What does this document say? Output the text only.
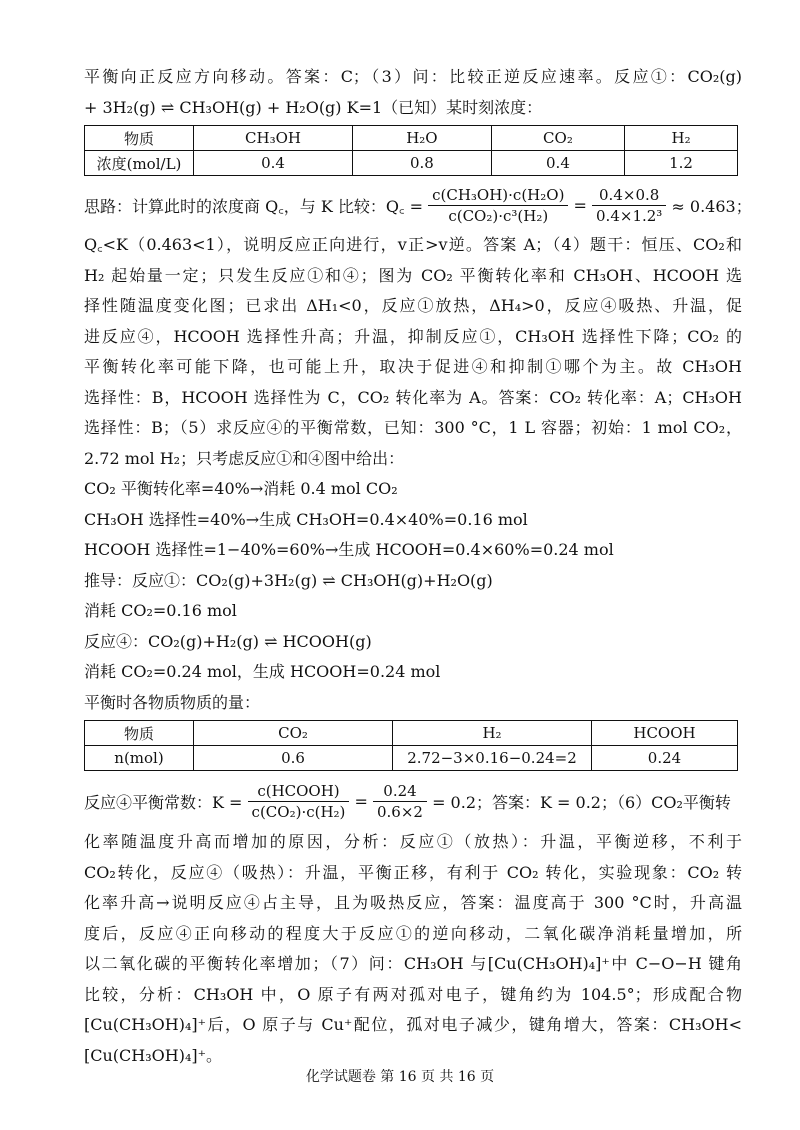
平衡向正反应方向移动。答案：C；（3）问：比较正逆反应速率。反应①：CO₂(g)
+ 3H₂(g) ⇌ CH₃OH(g) + H₂O(g) K=1（已知）某时刻浓度：
物质	CH₃OH	H₂O	CO₂	H₂
浓度(mol/L)	0.4	0.8	0.4	1.2
思路：计算此时的浓度商 Q꜀，与 K 比较：Q꜀ =
$\frac{\text{c(CH₃OH)·c(H₂O)}}{\text{c(CO₂)·c³(H₂)}} = \frac{0.4\times 0.8}{\text{0.4×1.2³}}$
≈ 0.463；
Q꜀<K（0.463<1），说明反应正向进行，v正>v逆。答案 A；（4）题干：恒压、CO₂和
H₂ 起始量一定；只发生反应①和④；图为 CO₂ 平衡转化率和 CH₃OH、HCOOH 选
择性随温度变化图；已求出 ΔH₁<0，反应①放热，ΔH₄>0，反应④吸热、升温，促
进反应④，HCOOH 选择性升高；升温，抑制反应①，CH₃OH 选择性下降；CO₂ 的
平衡转化率可能下降，也可能上升，取决于促进④和抑制①哪个为主。故 CH₃OH
选择性：B，HCOOH 选择性为 C，CO₂ 转化率为 A。答案：CO₂ 转化率：A；CH₃OH
选择性：B；（5）求反应④的平衡常数，已知：300 °C，1 L 容器；初始：1 mol CO₂，
2.72 mol H₂；只考虑反应①和④图中给出：
CO₂ 平衡转化率=40%→消耗 0.4 mol CO₂
CH₃OH 选择性=40%→生成 CH₃OH=0.4×40%=0.16 mol
HCOOH 选择性=1−40%=60%→生成 HCOOH=0.4×60%=0.24 mol
推导：反应①：CO₂(g)+3H₂(g) ⇌ CH₃OH(g)+H₂O(g)
消耗 CO₂=0.16 mol
反应④：CO₂(g)+H₂(g) ⇌ HCOOH(g)
消耗 CO₂=0.24 mol，生成 HCOOH=0.24 mol
平衡时各物质物质的量：
物质	CO₂	H₂	HCOOH
n(mol)	0.6	2.72−3×0.16−0.24=2	0.24
反应④平衡常数：K =
$\frac{\text{c(HCOOH)}}{\text{c(CO₂)·c(H₂)}} = \frac{0.24}{0.6\times 2}$
= 0.2；答案：K = 0.2；（6）CO₂平衡转
化率随温度升高而增加的原因，分析：反应①（放热）：升温，平衡逆移，不利于
CO₂转化，反应④（吸热）：升温，平衡正移，有利于 CO₂ 转化，实验现象：CO₂ 转
化率升高→说明反应④占主导，且为吸热反应，答案：温度高于 300 °C时，升高温
度后，反应④正向移动的程度大于反应①的逆向移动，二氧化碳净消耗量增加，所
以二氧化碳的平衡转化率增加；（7）问：CH₃OH 与[Cu(CH₃OH)₄]⁺中 C−O−H 键角
比较，分析：CH₃OH 中，O 原子有两对孤对电子，键角约为 104.5°；形成配合物
[Cu(CH₃OH)₄]⁺后，O 原子与 Cu⁺配位，孤对电子减少，键角增大，答案：CH₃OH<
[Cu(CH₃OH)₄]⁺。
化学试题卷 第 16 页 共 16 页
